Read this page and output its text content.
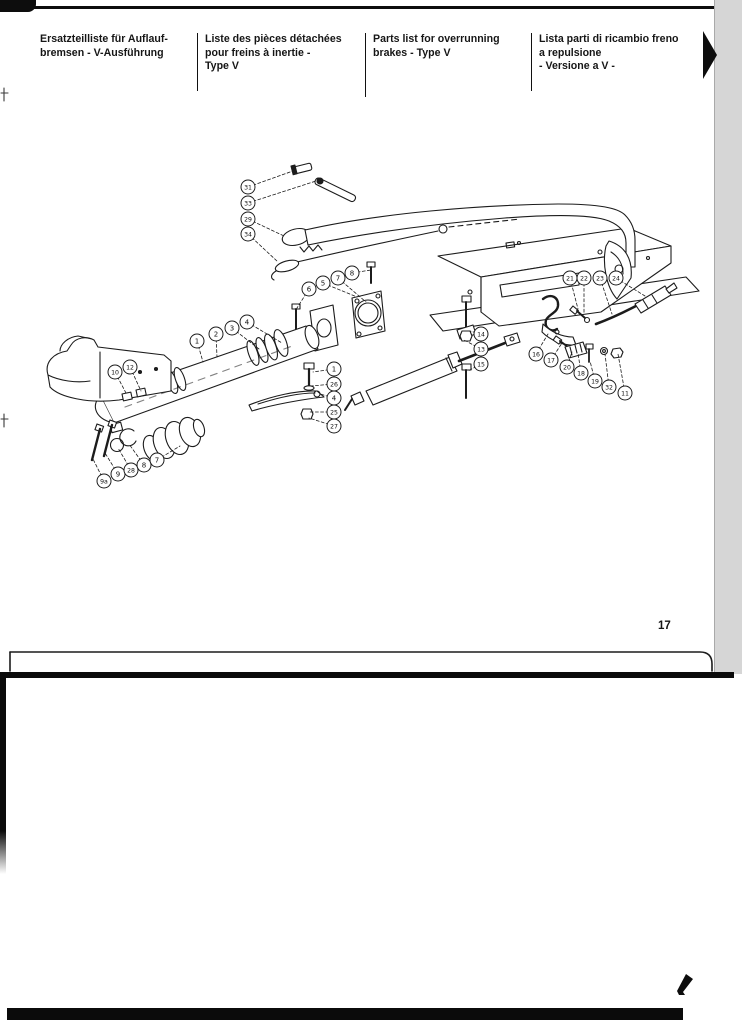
Ersatzteilliste für Auflauf-
bremsen - V-Ausführung
Liste des pièces détachées
pour freins à inertie -
Type V
Parts list for overrunning
brakes - Type V
Lista parti di ricambio freno
a repulsione
- Versione a V -
31
33
29
34
6
5
7
8
1
2
3
4
10
12
9a
9 28
8
7
1
26
4
25
27
14
13
15
21 22 23 24
16
17
20
18
19
32
11
17
